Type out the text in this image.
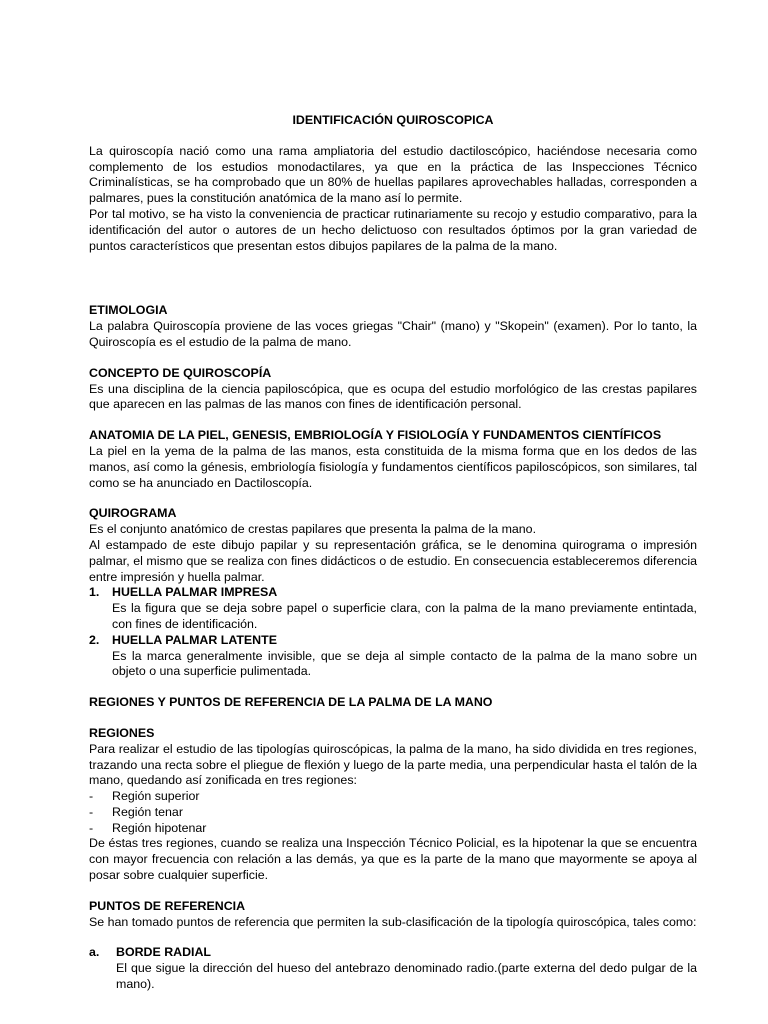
IDENTIFICACIÓN QUIROSCOPICA

La quiroscopía nació como una rama ampliatoria del estudio dactiloscópico, haciéndose necesaria como complemento de los estudios monodactilares, ya que en la práctica de las Inspecciones Técnico Criminalísticas, se ha comprobado que un 80% de huellas papilares aprovechables halladas, corresponden a palmares, pues la constitución anatómica de la mano así lo permite.

Por tal motivo, se ha visto la conveniencia de practicar rutinariamente su recojo y estudio comparativo, para la identificación del autor o autores de un hecho delictuoso con resultados óptimos por la gran variedad de puntos característicos que presentan estos dibujos papilares de la palma de la mano.

ETIMOLOGIA

La palabra Quiroscopía proviene de las voces griegas "Chair" (mano) y "Skopein" (examen). Por lo tanto, la Quiroscopía es el estudio de la palma de mano.

CONCEPTO DE QUIROSCOPÍA

Es una disciplina de la ciencia papiloscópica, que es ocupa del estudio morfológico de las crestas papilares que aparecen en las palmas de las manos con fines de identificación personal.

ANATOMIA DE LA PIEL, GENESIS, EMBRIOLOGÍA Y FISIOLOGÍA Y FUNDAMENTOS CIENTÍFICOS

La piel en la yema de la palma de las manos, esta constituida de la misma forma que en los dedos de las manos, así como la génesis, embriología fisiología y fundamentos científicos papiloscópicos, son similares, tal como se ha anunciado en Dactiloscopía.

QUIROGRAMA

Es el conjunto anatómico de crestas papilares que presenta la palma de la mano.

Al estampado de este dibujo papilar y su representación gráfica, se le denomina quirograma o impresión palmar, el mismo que se realiza con fines didácticos o de estudio. En consecuencia estableceremos diferencia entre impresión y huella palmar.

1. HUELLA PALMAR IMPRESA

Es la figura que se deja sobre papel o superficie clara, con la palma de la mano previamente entintada, con fines de identificación.

2. HUELLA PALMAR LATENTE

Es la marca generalmente invisible, que se deja al simple contacto de la palma de la mano sobre un objeto o una superficie pulimentada.

REGIONES Y PUNTOS DE REFERENCIA DE LA PALMA DE LA MANO
REGIONES

Para realizar el estudio de las tipologías quiroscópicas, la palma de la mano, ha sido dividida en tres regiones, trazando una recta sobre el pliegue de flexión y luego de la parte media, una perpendicular hasta el talón de la mano, quedando así zonificada en tres regiones:

- Región superior
- Región tenar
- Región hipotenar

De éstas tres regiones, cuando se realiza una Inspección Técnico Policial, es la hipotenar la que se encuentra con mayor frecuencia con relación a las demás, ya que es la parte de la mano que mayormente se apoya al posar sobre cualquier superficie.

PUNTOS DE REFERENCIA

Se han tomado puntos de referencia que permiten la sub-clasificación de la tipología quiroscópica, tales como:

a. BORDE RADIAL

El que sigue la dirección del hueso del antebrazo denominado radio.(parte externa del dedo pulgar de la mano).
